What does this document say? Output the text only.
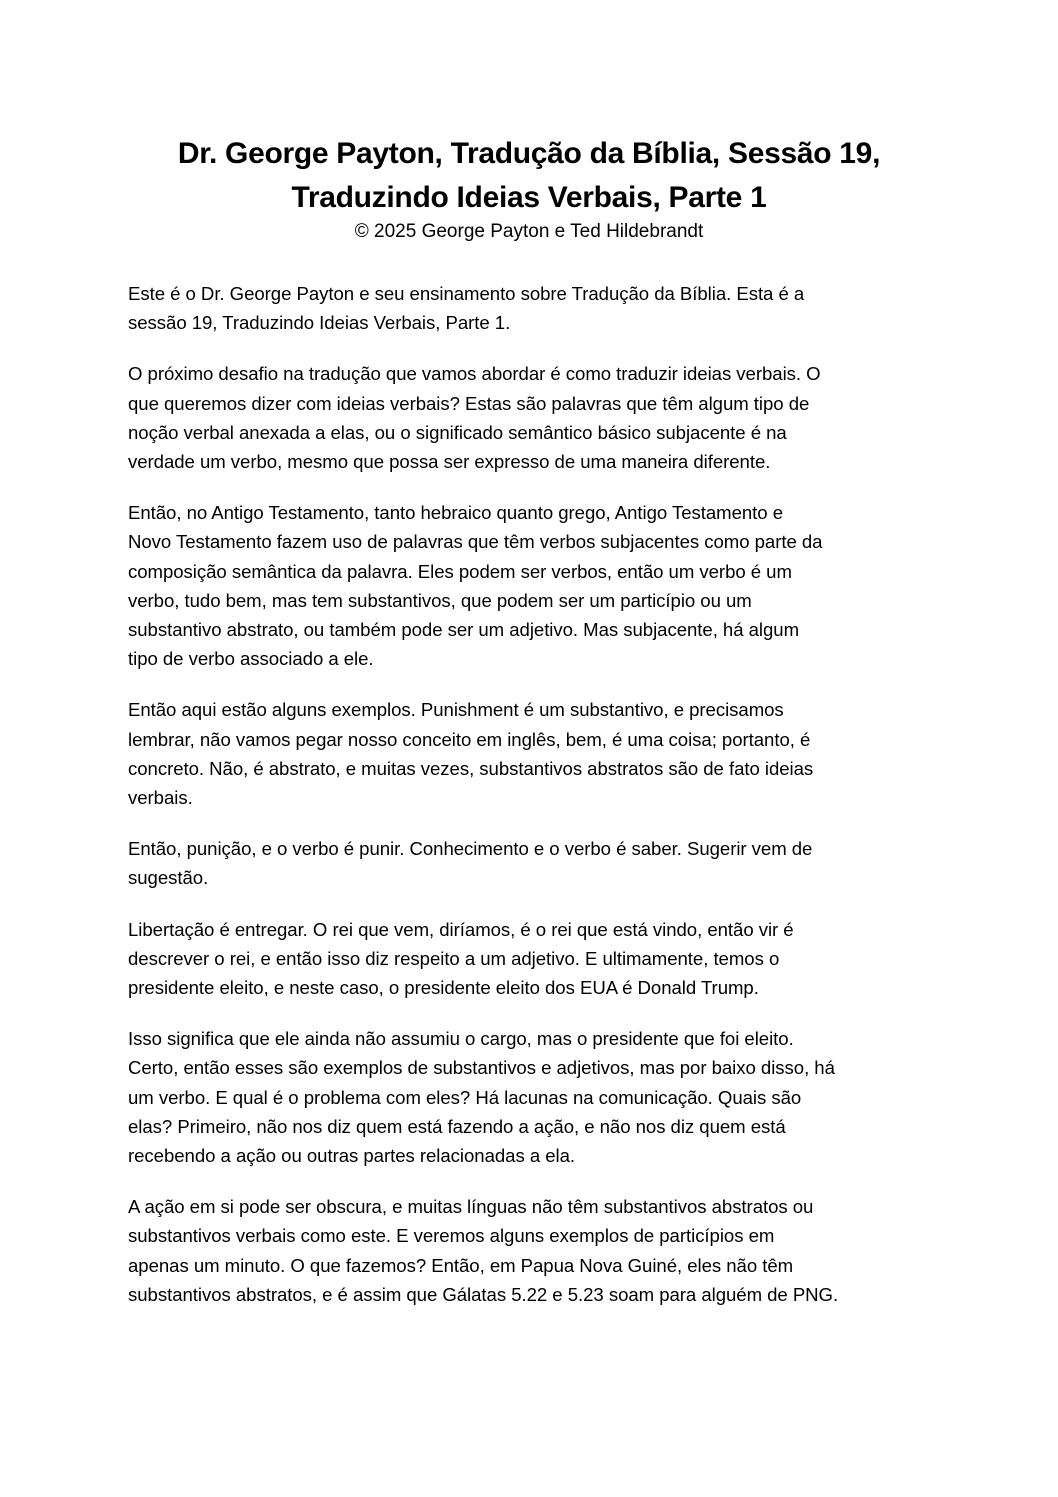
Dr. George Payton, Tradução da Bíblia, Sessão 19,
Traduzindo Ideias Verbais, Parte 1

© 2025 George Payton e Ted Hildebrandt

Este é o Dr. George Payton e seu ensinamento sobre Tradução da Bíblia. Esta é a
sessão 19, Traduzindo Ideias Verbais, Parte 1.

O próximo desafio na tradução que vamos abordar é como traduzir ideias verbais. O
que queremos dizer com ideias verbais? Estas são palavras que têm algum tipo de
noção verbal anexada a elas, ou o significado semântico básico subjacente é na
verdade um verbo, mesmo que possa ser expresso de uma maneira diferente.

Então, no Antigo Testamento, tanto hebraico quanto grego, Antigo Testamento e
Novo Testamento fazem uso de palavras que têm verbos subjacentes como parte da
composição semântica da palavra. Eles podem ser verbos, então um verbo é um
verbo, tudo bem, mas tem substantivos, que podem ser um particípio ou um
substantivo abstrato, ou também pode ser um adjetivo. Mas subjacente, há algum
tipo de verbo associado a ele.

Então aqui estão alguns exemplos. Punishment é um substantivo, e precisamos
lembrar, não vamos pegar nosso conceito em inglês, bem, é uma coisa; portanto, é
concreto. Não, é abstrato, e muitas vezes, substantivos abstratos são de fato ideias
verbais.

Então, punição, e o verbo é punir. Conhecimento e o verbo é saber. Sugerir vem de
sugestão.

Libertação é entregar. O rei que vem, diríamos, é o rei que está vindo, então vir é
descrever o rei, e então isso diz respeito a um adjetivo. E ultimamente, temos o
presidente eleito, e neste caso, o presidente eleito dos EUA é Donald Trump.

Isso significa que ele ainda não assumiu o cargo, mas o presidente que foi eleito.
Certo, então esses são exemplos de substantivos e adjetivos, mas por baixo disso, há
um verbo. E qual é o problema com eles? Há lacunas na comunicação. Quais são
elas? Primeiro, não nos diz quem está fazendo a ação, e não nos diz quem está
recebendo a ação ou outras partes relacionadas a ela.

A ação em si pode ser obscura, e muitas línguas não têm substantivos abstratos ou
substantivos verbais como este. E veremos alguns exemplos de particípios em
apenas um minuto. O que fazemos? Então, em Papua Nova Guiné, eles não têm
substantivos abstratos, e é assim que Gálatas 5.22 e 5.23 soam para alguém de PNG.
